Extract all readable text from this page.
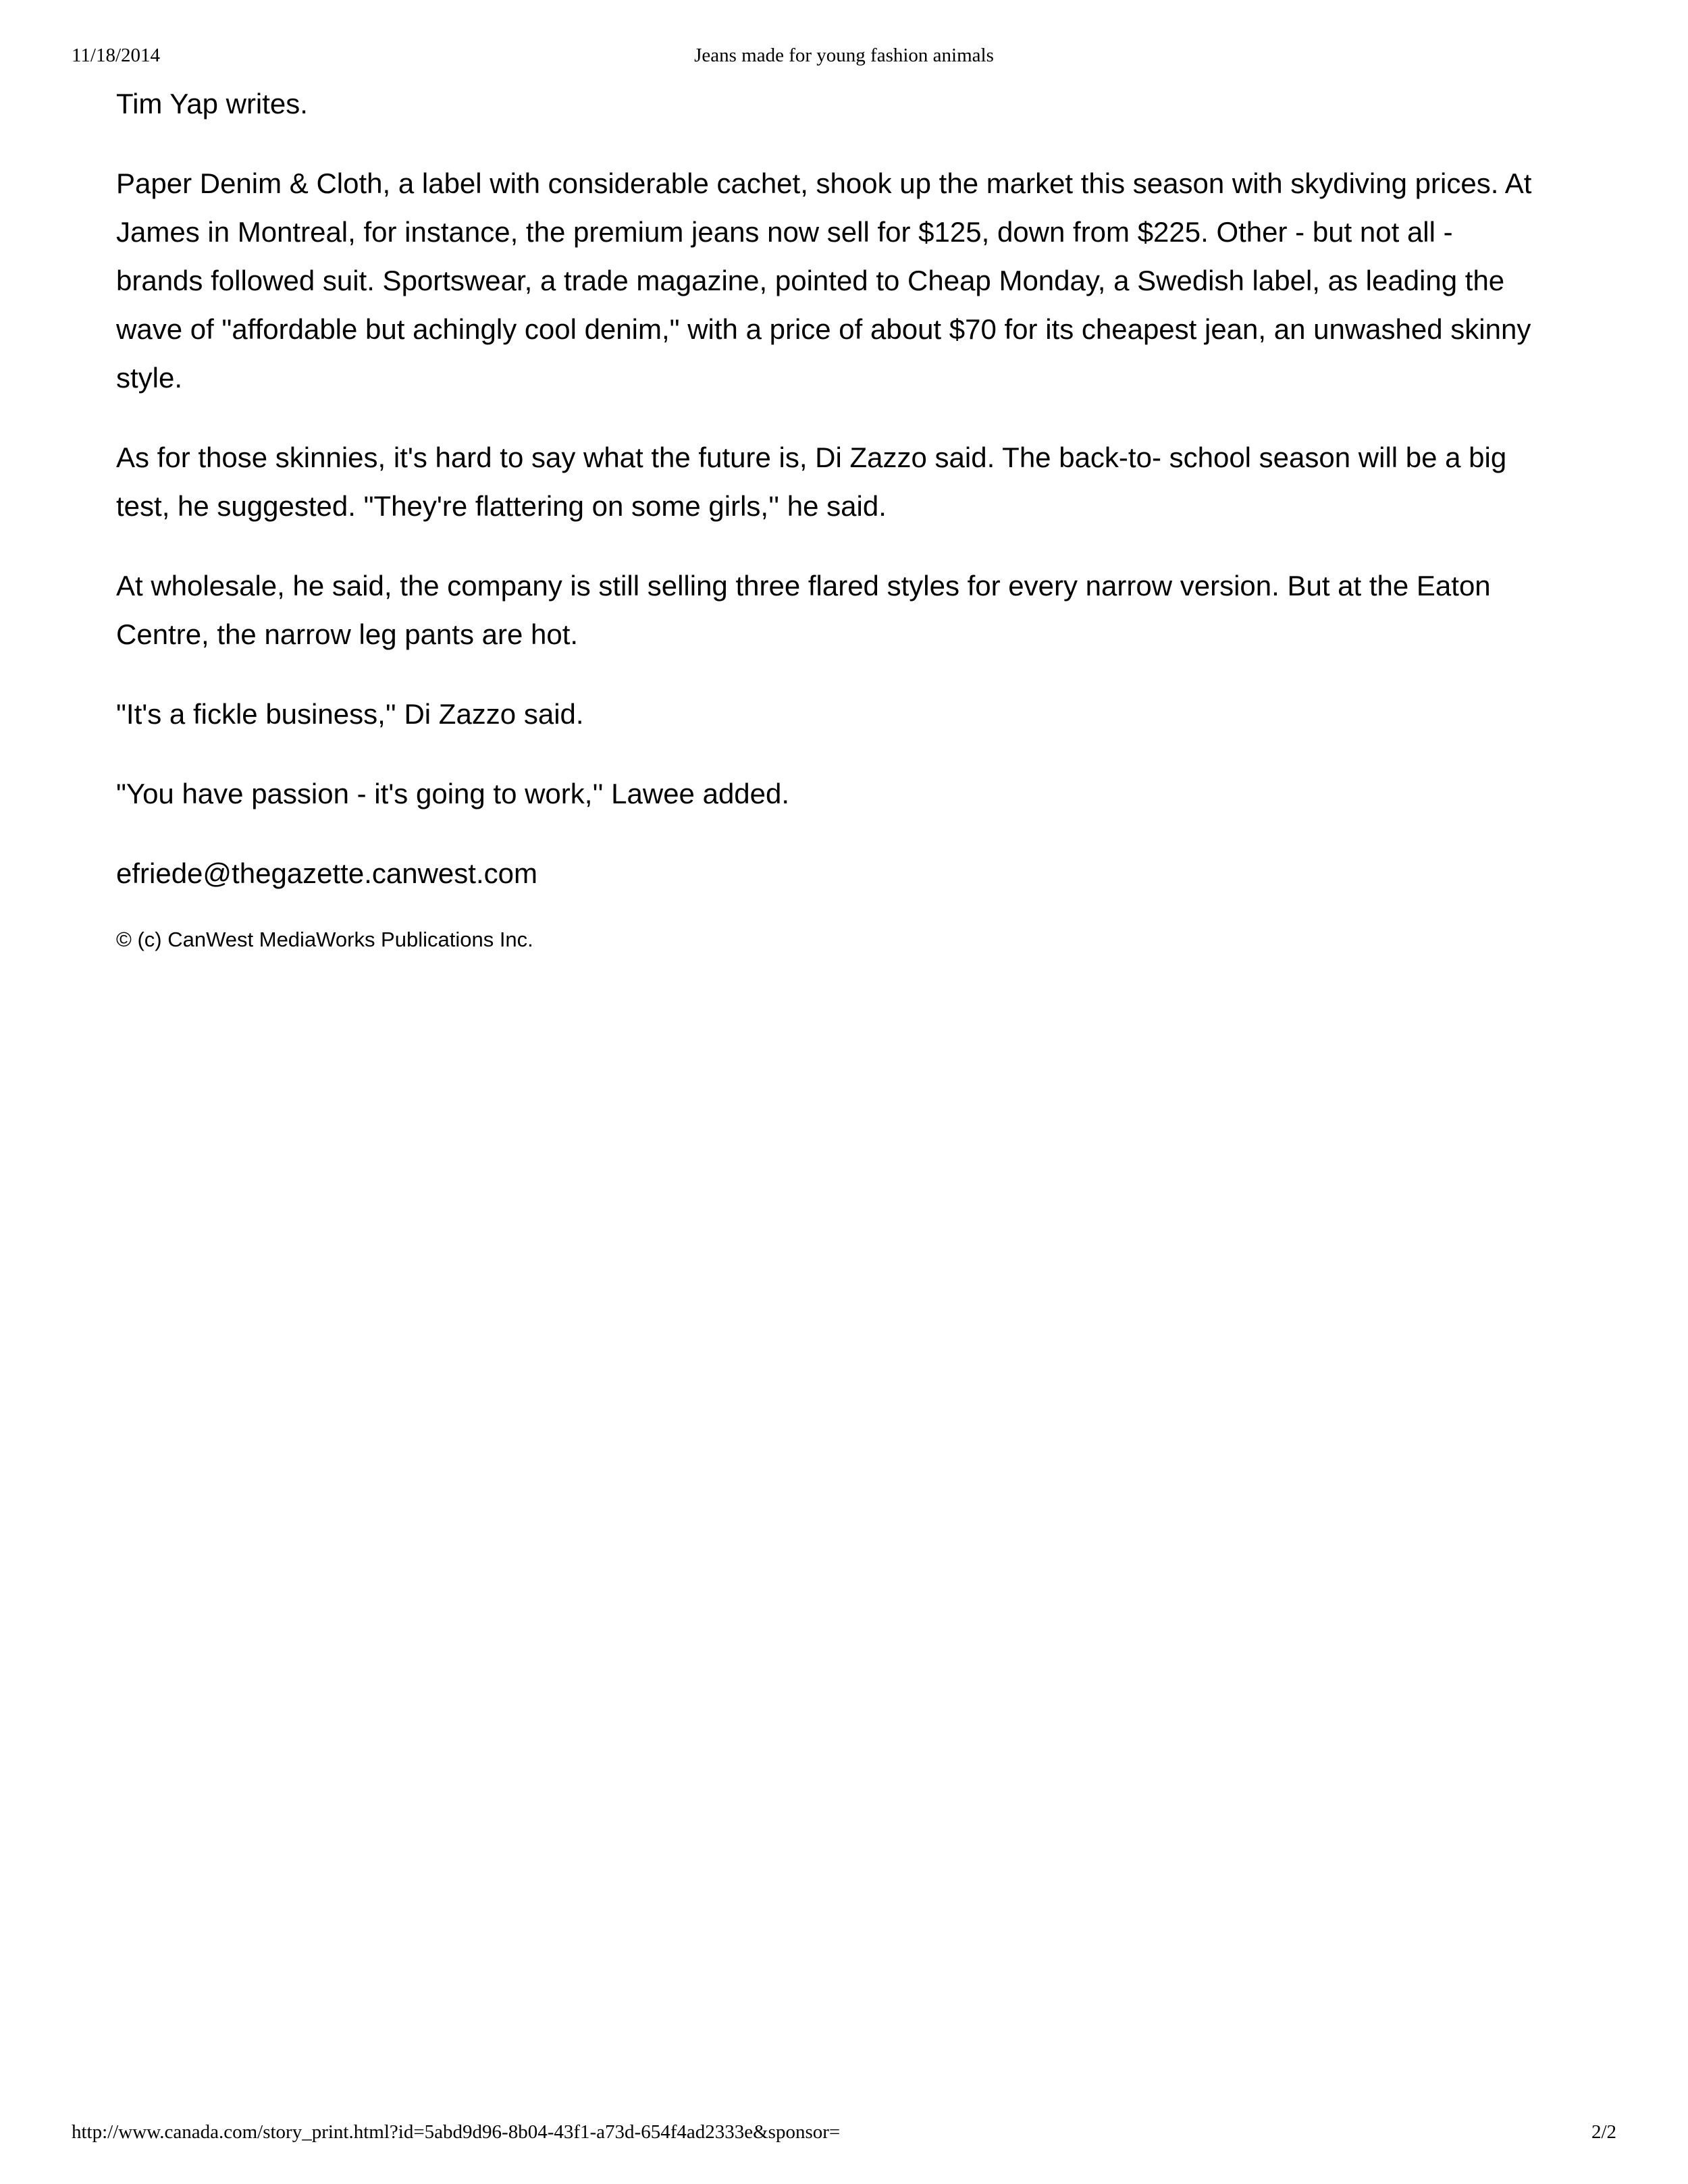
11/18/2014	Jeans made for young fashion animals

Tim Yap writes.

Paper Denim & Cloth, a label with considerable cachet, shook up the market this season with skydiving prices. At James in Montreal, for instance, the premium jeans now sell for $125, down from $225. Other - but not all - brands followed suit. Sportswear, a trade magazine, pointed to Cheap Monday, a Swedish label, as leading the wave of "affordable but achingly cool denim," with a price of about $70 for its cheapest jean, an unwashed skinny style.

As for those skinnies, it's hard to say what the future is, Di Zazzo said. The back-to- school season will be a big test, he suggested. "They're flattering on some girls,'' he said.

At wholesale, he said, the company is still selling three flared styles for every narrow version. But at the Eaton Centre, the narrow leg pants are hot.

"It's a fickle business,'' Di Zazzo said.

"You have passion - it's going to work,'' Lawee added.

efriede@thegazette.canwest.com

© (c) CanWest MediaWorks Publications Inc.

http://www.canada.com/story_print.html?id=5abd9d96-8b04-43f1-a73d-654f4ad2333e&sponsor=	2/2
